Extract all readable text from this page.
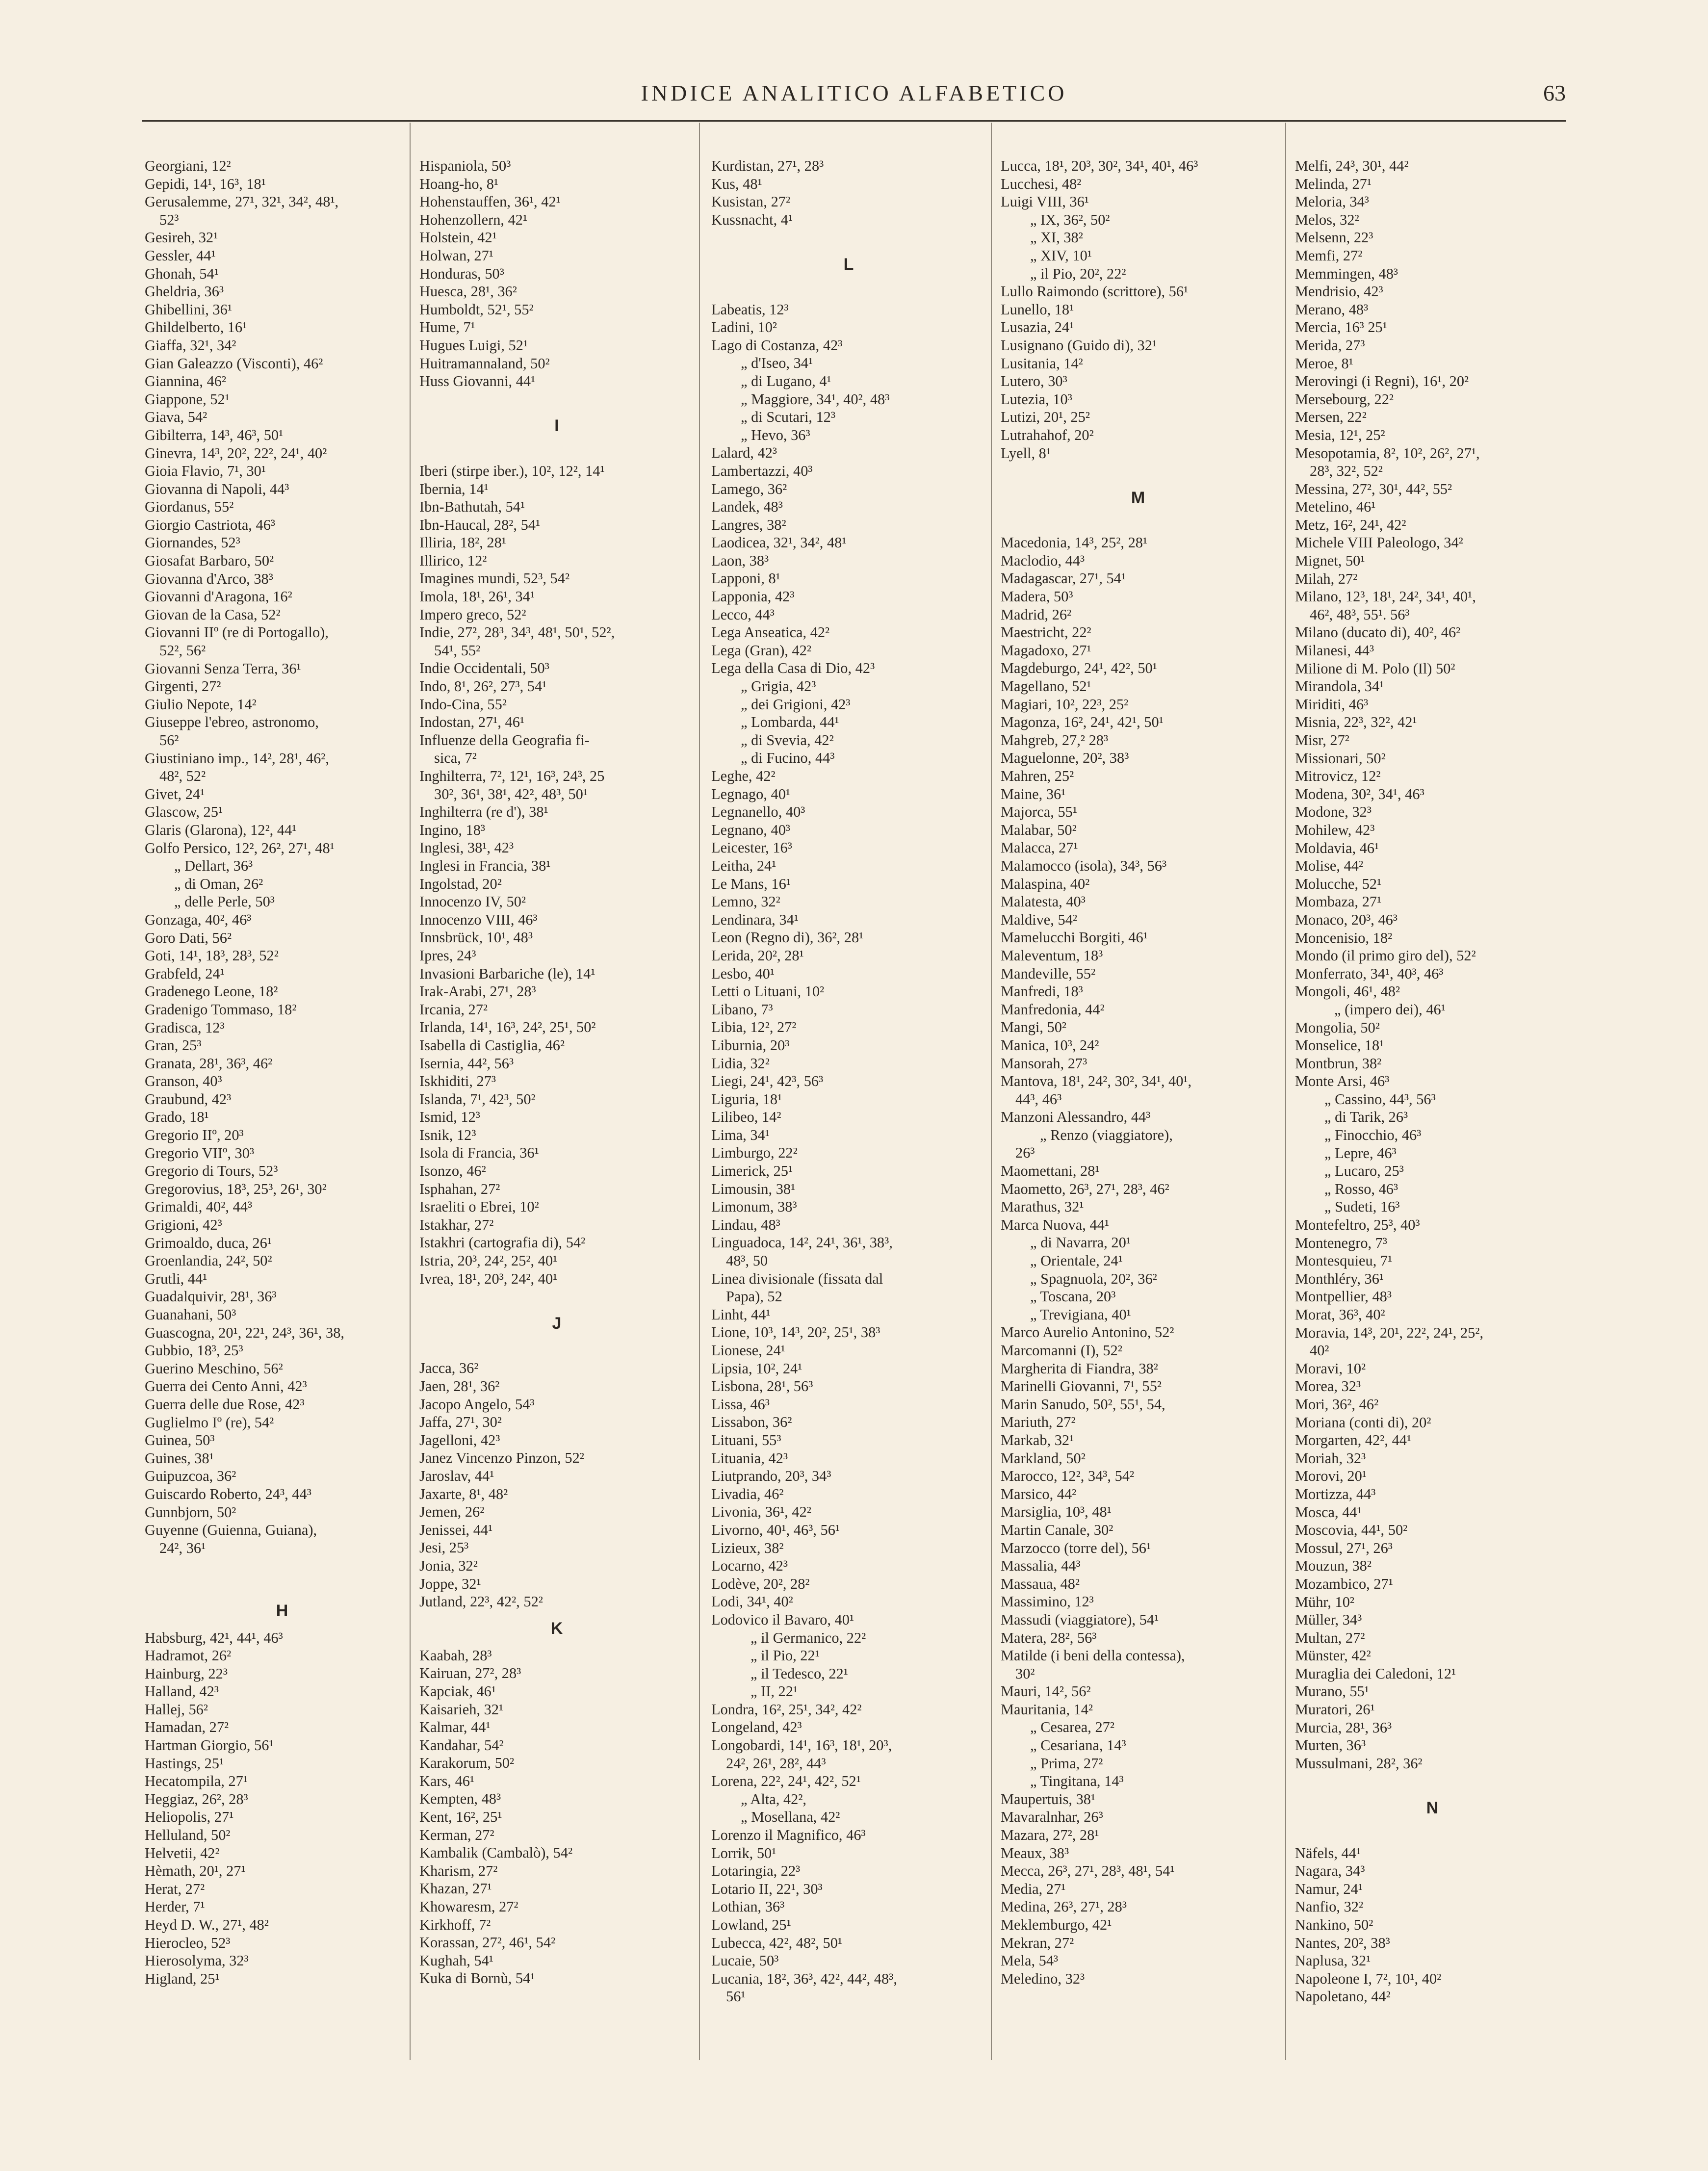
INDICE ANALITICO ALFABETICO	63
Georgiani, 12²
Gepidi, 14¹, 16³, 18¹
Gerusalemme, 27¹, 32¹, 34², 48¹,
52³
Gesireh, 32¹
Gessler, 44¹
Ghonah, 54¹
Gheldria, 36³
Ghibellini, 36¹
Ghildelberto, 16¹
Giaffa, 32¹, 34²
Gian Galeazzo (Visconti), 46²
Giannina, 46²
Giappone, 52¹
Giava, 54²
Gibilterra, 14³, 46³, 50¹
Ginevra, 14³, 20², 22², 24¹, 40²
Gioia Flavio, 7¹, 30¹
Giovanna di Napoli, 44³
Giordanus, 55²
Giorgio Castriota, 46³
Giornandes, 52³
Giosafat Barbaro, 50²
Giovanna d'Arco, 38³
Giovanni d'Aragona, 16²
Giovan de la Casa, 52²
Giovanni IIº (re di Portogallo),
52², 56²
Giovanni Senza Terra, 36¹
Girgenti, 27²
Giulio Nepote, 14²
Giuseppe l'ebreo, astronomo,
56²
Giustiniano imp., 14², 28¹, 46²,
48², 52²
Givet, 24¹
Glascow, 25¹
Glaris (Glarona), 12², 44¹
Golfo Persico, 12², 26², 27¹, 48¹
„ Dellart, 36³
„ di Oman, 26²
„ delle Perle, 50³
Gonzaga, 40², 46³
Goro Dati, 56²
Goti, 14¹, 18³, 28³, 52²
Grabfeld, 24¹
Gradenego Leone, 18²
Gradenigo Tommaso, 18²
Gradisca, 12³
Gran, 25³
Granata, 28¹, 36³, 46²
Granson, 40³
Graubund, 42³
Grado, 18¹
Gregorio IIº, 20³
Gregorio VIIº, 30³
Gregorio di Tours, 52³
Gregorovius, 18³, 25³, 26¹, 30²
Grimaldi, 40², 44³
Grigioni, 42³
Grimoaldo, duca, 26¹
Groenlandia, 24², 50²
Grutli, 44¹
Guadalquivir, 28¹, 36³
Guanahani, 50³
Guascogna, 20¹, 22¹, 24³, 36¹, 38,
Gubbio, 18³, 25³
Guerino Meschino, 56²
Guerra dei Cento Anni, 42³
Guerra delle due Rose, 42³
Guglielmo Iº (re), 54²
Guinea, 50³
Guines, 38¹
Guipuzcoa, 36²
Guiscardo Roberto, 24³, 44³
Gunnbjorn, 50²
Guyenne (Guienna, Guiana),
24², 36¹
H
Habsburg, 42¹, 44¹, 46³
Hadramot, 26²
Hainburg, 22³
Halland, 42³
Hallej, 56²
Hamadan, 27²
Hartman Giorgio, 56¹
Hastings, 25¹
Hecatompila, 27¹
Heggiaz, 26², 28³
Heliopolis, 27¹
Helluland, 50²
Helvetii, 42²
Hèmath, 20¹, 27¹
Herat, 27²
Herder, 7¹
Heyd D. W., 27¹, 48²
Hierocleo, 52³
Hierosolyma, 32³
Higland, 25¹
Hispaniola, 50³
Hoang-ho, 8¹
Hohenstauffen, 36¹, 42¹
Hohenzollern, 42¹
Holstein, 42¹
Holwan, 27¹
Honduras, 50³
Huesca, 28¹, 36²
Humboldt, 52¹, 55²
Hume, 7¹
Hugues Luigi, 52¹
Huitramannaland, 50²
Huss Giovanni, 44¹
I
Iberi (stirpe iber.), 10², 12², 14¹
Ibernia, 14¹
Ibn-Bathutah, 54¹
Ibn-Haucal, 28², 54¹
Illiria, 18², 28¹
Illirico, 12²
Imagines mundi, 52³, 54²
Imola, 18¹, 26¹, 34¹
Impero greco, 52²
Indie, 27², 28³, 34³, 48¹, 50¹, 52²,
54¹, 55²
Indie Occidentali, 50³
Indo, 8¹, 26², 27³, 54¹
Indo-Cina, 55²
Indostan, 27¹, 46¹
Influenze della Geografia fi-
sica, 7²
Inghilterra, 7², 12¹, 16³, 24³, 25
30², 36¹, 38¹, 42², 48³, 50¹
Inghilterra (re d'), 38¹
Ingino, 18³
Inglesi, 38¹, 42³
Inglesi in Francia, 38¹
Ingolstad, 20²
Innocenzo IV, 50²
Innocenzo VIII, 46³
Innsbrück, 10¹, 48³
Ipres, 24³
Invasioni Barbariche (le), 14¹
Irak-Arabi, 27¹, 28³
Ircania, 27²
Irlanda, 14¹, 16³, 24², 25¹, 50²
Isabella di Castiglia, 46²
Isernia, 44², 56³
Iskhiditi, 27³
Islanda, 7¹, 42³, 50²
Ismid, 12³
Isnik, 12³
Isola di Francia, 36¹
Isonzo, 46²
Isphahan, 27²
Israeliti o Ebrei, 10²
Istakhar, 27²
Istakhri (cartografia di), 54²
Istria, 20³, 24², 25², 40¹
Ivrea, 18¹, 20³, 24², 40¹
J
Jacca, 36²
Jaen, 28¹, 36²
Jacopo Angelo, 54³
Jaffa, 27¹, 30²
Jagelloni, 42³
Janez Vincenzo Pinzon, 52²
Jaroslav, 44¹
Jaxarte, 8¹, 48²
Jemen, 26²
Jenissei, 44¹
Jesi, 25³
Jonia, 32²
Joppe, 32¹
Jutland, 22³, 42², 52²
K
Kaabah, 28³
Kairuan, 27², 28³
Kapciak, 46¹
Kaisarieh, 32¹
Kalmar, 44¹
Kandahar, 54²
Karakorum, 50²
Kars, 46¹
Kempten, 48³
Kent, 16², 25¹
Kerman, 27²
Kambalik (Cambalò), 54²
Kharism, 27²
Khazan, 27¹
Khowaresm, 27²
Kirkhoff, 7²
Korassan, 27², 46¹, 54²
Kughah, 54¹
Kuka di Bornù, 54¹
Kurdistan, 27¹, 28³
Kus, 48¹
Kusistan, 27²
Kussnacht, 4¹
L
Labeatis, 12³
Ladini, 10²
Lago di Costanza, 42³
„ d'Iseo, 34¹
„ di Lugano, 4¹
„ Maggiore, 34¹, 40², 48³
„ di Scutari, 12³
„ Hevo, 36³
Lalard, 42³
Lambertazzi, 40³
Lamego, 36²
Landek, 48³
Langres, 38²
Laodicea, 32¹, 34², 48¹
Laon, 38³
Lapponi, 8¹
Lapponia, 42³
Lecco, 44³
Lega Anseatica, 42²
Lega (Gran), 42²
Lega della Casa di Dio, 42³
„ Grigia, 42³
„ dei Grigioni, 42³
„ Lombarda, 44¹
„ di Svevia, 42²
„ di Fucino, 44³
Leghe, 42²
Legnago, 40¹
Legnanello, 40³
Legnano, 40³
Leicester, 16³
Leitha, 24¹
Le Mans, 16¹
Lemno, 32²
Lendinara, 34¹
Leon (Regno di), 36², 28¹
Lerida, 20², 28¹
Lesbo, 40¹
Letti o Lituani, 10²
Libano, 7³
Libia, 12², 27²
Liburnia, 20³
Lidia, 32²
Liegi, 24¹, 42³, 56³
Liguria, 18¹
Lilibeo, 14²
Lima, 34¹
Limburgo, 22²
Limerick, 25¹
Limousin, 38¹
Limonum, 38³
Lindau, 48³
Linguadoca, 14², 24¹, 36¹, 38³,
48³, 50
Linea divisionale (fissata dal
Papa), 52
Linht, 44¹
Lione, 10³, 14³, 20², 25¹, 38³
Lionese, 24¹
Lipsia, 10², 24¹
Lisbona, 28¹, 56³
Lissa, 46³
Lissabon, 36²
Lituani, 55³
Lituania, 42³
Liutprando, 20³, 34³
Livadia, 46²
Livonia, 36¹, 42²
Livorno, 40¹, 46³, 56¹
Lizieux, 38²
Locarno, 42³
Lodève, 20², 28²
Lodi, 34¹, 40²
Lodovico il Bavaro, 40¹
„ il Germanico, 22²
„ il Pio, 22¹
„ il Tedesco, 22¹
„ II, 22¹
Londra, 16², 25¹, 34², 42²
Longeland, 42³
Longobardi, 14¹, 16³, 18¹, 20³,
24², 26¹, 28², 44³
Lorena, 22², 24¹, 42², 52¹
„ Alta, 42²,
„ Mosellana, 42²
Lorenzo il Magnifico, 46³
Lorrik, 50¹
Lotaringia, 22³
Lotario II, 22¹, 30³
Lothian, 36³
Lowland, 25¹
Lubecca, 42², 48², 50¹
Lucaie, 50³
Lucania, 18², 36³, 42², 44², 48³,
56¹
Lucca, 18¹, 20³, 30², 34¹, 40¹, 46³
Lucchesi, 48²
Luigi VIII, 36¹
„ IX, 36², 50²
„ XI, 38²
„ XIV, 10¹
„ il Pio, 20², 22²
Lullo Raimondo (scrittore), 56¹
Lunello, 18¹
Lusazia, 24¹
Lusignano (Guido di), 32¹
Lusitania, 14²
Lutero, 30³
Lutezia, 10³
Lutizi, 20¹, 25²
Lutrahahof, 20²
Lyell, 8¹
M
Macedonia, 14³, 25², 28¹
Maclodio, 44³
Madagascar, 27¹, 54¹
Madera, 50³
Madrid, 26²
Maestricht, 22²
Magadoxo, 27¹
Magdeburgo, 24¹, 42², 50¹
Magellano, 52¹
Magiari, 10², 22³, 25²
Magonza, 16², 24¹, 42¹, 50¹
Mahgreb, 27,² 28³
Maguelonne, 20², 38³
Mahren, 25²
Maine, 36¹
Majorca, 55¹
Malabar, 50²
Malacca, 27¹
Malamocco (isola), 34³, 56³
Malaspina, 40²
Malatesta, 40³
Maldive, 54²
Mamelucchi Borgiti, 46¹
Maleventum, 18³
Mandeville, 55²
Manfredi, 18³
Manfredonia, 44²
Mangi, 50²
Manica, 10³, 24²
Mansorah, 27³
Mantova, 18¹, 24², 30², 34¹, 40¹,
44³, 46³
Manzoni Alessandro, 44³
„ Renzo (viaggiatore),
26³
Maomettani, 28¹
Maometto, 26³, 27¹, 28³, 46²
Marathus, 32¹
Marca Nuova, 44¹
„ di Navarra, 20¹
„ Orientale, 24¹
„ Spagnuola, 20², 36²
„ Toscana, 20³
„ Trevigiana, 40¹
Marco Aurelio Antonino, 52²
Marcomanni (I), 52²
Margherita di Fiandra, 38²
Marinelli Giovanni, 7¹, 55²
Marin Sanudo, 50², 55¹, 54,
Mariuth, 27²
Markab, 32¹
Markland, 50²
Marocco, 12², 34³, 54²
Marsico, 44²
Marsiglia, 10³, 48¹
Martin Canale, 30²
Marzocco (torre del), 56¹
Massalia, 44³
Massaua, 48²
Massimino, 12³
Massudi (viaggiatore), 54¹
Matera, 28², 56³
Matilde (i beni della contessa),
30²
Mauri, 14², 56²
Mauritania, 14²
„ Cesarea, 27²
„ Cesariana, 14³
„ Prima, 27²
„ Tingitana, 14³
Maupertuis, 38¹
Mavaralnhar, 26³
Mazara, 27², 28¹
Meaux, 38³
Mecca, 26³, 27¹, 28³, 48¹, 54¹
Media, 27¹
Medina, 26³, 27¹, 28³
Meklemburgo, 42¹
Mekran, 27²
Mela, 54³
Meledino, 32³
Melfi, 24³, 30¹, 44²
Melinda, 27¹
Meloria, 34³
Melos, 32²
Melsenn, 22³
Memfi, 27²
Memmingen, 48³
Mendrisio, 42³
Merano, 48³
Mercia, 16³ 25¹
Merida, 27³
Meroe, 8¹
Merovingi (i Regni), 16¹, 20²
Mersebourg, 22²
Mersen, 22²
Mesia, 12¹, 25²
Mesopotamia, 8², 10², 26², 27¹,
28³, 32², 52²
Messina, 27², 30¹, 44², 55²
Metelino, 46¹
Metz, 16², 24¹, 42²
Michele VIII Paleologo, 34²
Mignet, 50¹
Milah, 27²
Milano, 12³, 18¹, 24², 34¹, 40¹,
46², 48³, 55¹. 56³
Milano (ducato di), 40², 46²
Milanesi, 44³
Milione di M. Polo (Il) 50²
Mirandola, 34¹
Miriditi, 46³
Misnia, 22³, 32², 42¹
Misr, 27²
Missionari, 50²
Mitrovicz, 12²
Modena, 30², 34¹, 46³
Modone, 32³
Mohilew, 42³
Moldavia, 46¹
Molise, 44²
Molucche, 52¹
Mombaza, 27¹
Monaco, 20³, 46³
Moncenisio, 18²
Mondo (il primo giro del), 52²
Monferrato, 34¹, 40³, 46³
Mongoli, 46¹, 48²
„ (impero dei), 46¹
Mongolia, 50²
Monselice, 18¹
Montbrun, 38²
Monte Arsi, 46³
„ Cassino, 44³, 56³
„ di Tarik, 26³
„ Finocchio, 46³
„ Lepre, 46³
„ Lucaro, 25³
„ Rosso, 46³
„ Sudeti, 16³
Montefeltro, 25³, 40³
Montenegro, 7³
Montesquieu, 7¹
Monthléry, 36¹
Montpellier, 48³
Morat, 36³, 40²
Moravia, 14³, 20¹, 22², 24¹, 25²,
40²
Moravi, 10²
Morea, 32³
Mori, 36², 46²
Moriana (conti di), 20²
Morgarten, 42², 44¹
Moriah, 32³
Morovi, 20¹
Mortizza, 44³
Mosca, 44¹
Moscovia, 44¹, 50²
Mossul, 27¹, 26³
Mouzun, 38²
Mozambico, 27¹
Mühr, 10²
Müller, 34³
Multan, 27²
Münster, 42²
Muraglia dei Caledoni, 12¹
Murano, 55¹
Muratori, 26¹
Murcia, 28¹, 36³
Murten, 36³
Mussulmani, 28², 36²
N
Näfels, 44¹
Nagara, 34³
Namur, 24¹
Nanfio, 32²
Nankino, 50²
Nantes, 20², 38³
Naplusa, 32¹
Napoleone I, 7², 10¹, 40²
Napoletano, 44²
